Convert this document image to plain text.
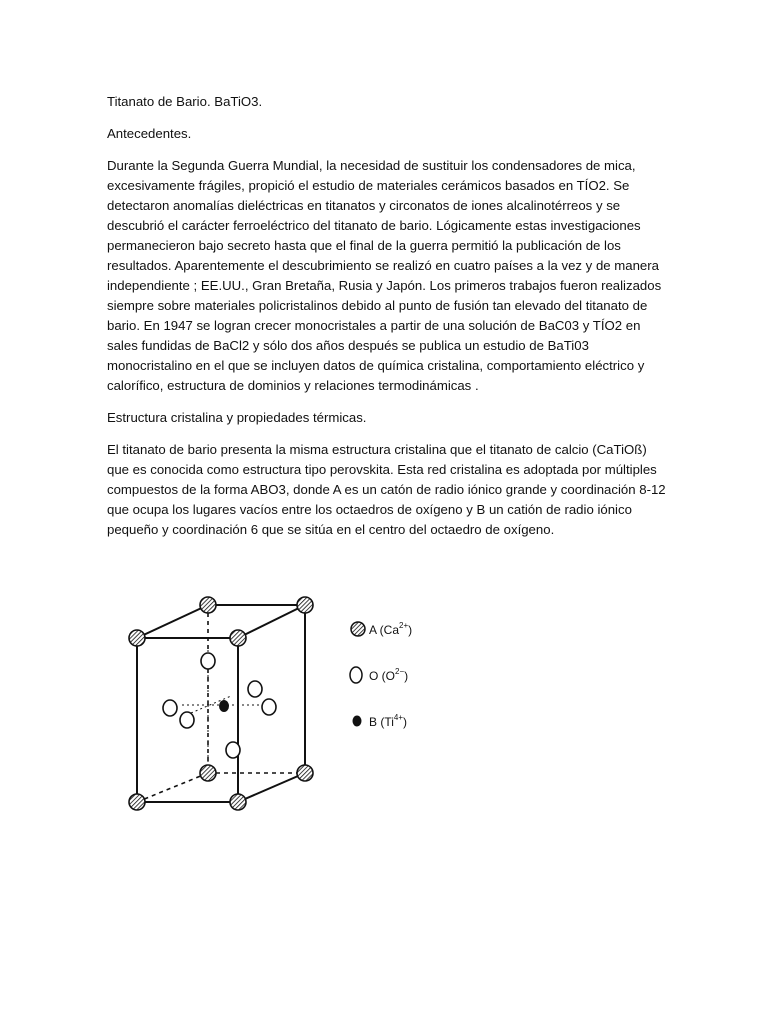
Titanato de Bario. BaTiO3.

Antecedentes.

Durante la Segunda Guerra Mundial, la necesidad de sustituir los condensadores de mica, excesivamente frágiles, propició el estudio de materiales cerámicos basados en TÍO2. Se detectaron anomalías dieléctricas en titanatos y circonatos de iones alcalinotérreos y se descubrió el carácter ferroeléctrico del titanato de bario. Lógicamente estas investigaciones permanecieron bajo secreto hasta que el final de la guerra permitió la publicación de los resultados. Aparentemente el descubrimiento se realizó en cuatro países a la vez y de manera independiente ; EE.UU., Gran Bretaña, Rusia y Japón. Los primeros trabajos fueron realizados siempre sobre materiales policristalinos debido al punto de fusión tan elevado del titanato de bario. En 1947 se logran crecer monocristales a partir de una solución de BaC03 y TÍO2 en sales fundidas de BaCl2 y sólo dos años después se publica un estudio de BaTi03 monocristalino en el que se incluyen datos de química cristalina, comportamiento eléctrico y calorífico, estructura de dominios y relaciones termodinámicas .

Estructura cristalina y propiedades térmicas.

El titanato de bario presenta la misma estructura cristalina que el titanato de calcio (CaTiOß) que es conocida como estructura tipo perovskita. Esta red cristalina es adoptada por múltiples compuestos de la forma ABO3, donde A es un catón de radio iónico grande y coordinación 8-12 que ocupa los lugares vacíos entre los octaedros de oxígeno y B un catión de radio iónico pequeño y coordinación 6 que se sitúa en el centro del octaedro de oxígeno.

A $(Ca^{2+})$
O $(O^{2-})$
B $(Ti^{4+})$
